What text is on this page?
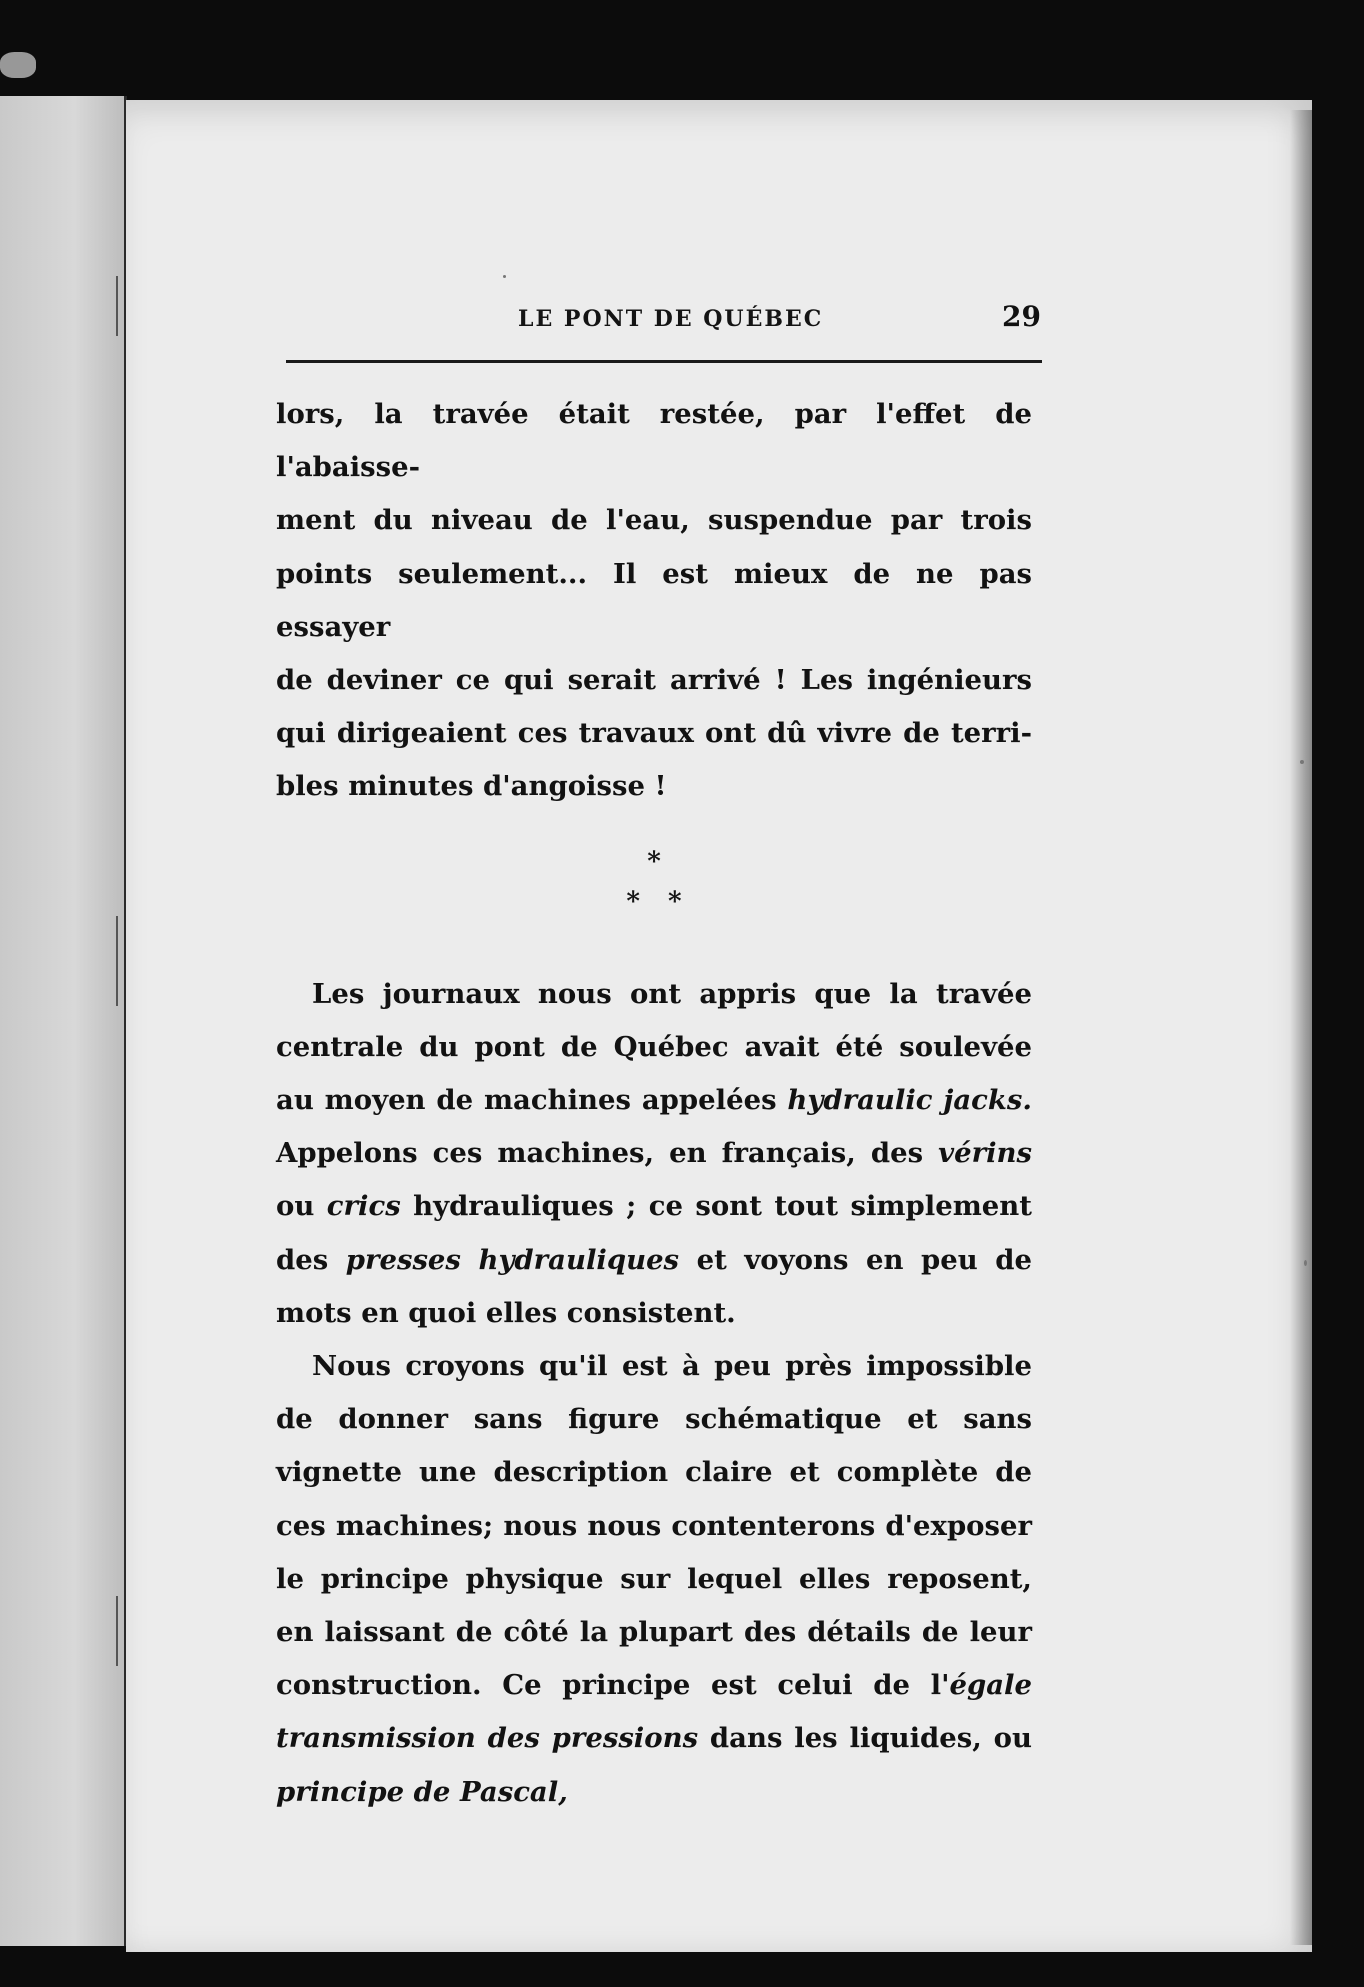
LE PONT DE QUÉBEC	29
lors, la travée était restée, par l'effet de l'abaisse-
ment du niveau de l'eau, suspendue par trois
points seulement... Il est mieux de ne pas essayer
de deviner ce qui serait arrivé ! Les ingénieurs
qui dirigeaient ces travaux ont dû vivre de terri-
bles minutes d'angoisse !
*
* *

Les journaux nous ont appris que la travée centrale du pont de Québec avait été soulevée au moyen de machines appelées hydraulic jacks. Appelons ces machines, en français, des vérins ou crics hydrauliques ; ce sont tout simplement des presses hydrauliques et voyons en peu de mots en quoi elles consistent.

Nous croyons qu'il est à peu près impossible de donner sans figure schématique et sans vignette une description claire et complète de ces machines; nous nous contenterons d'exposer le principe physique sur lequel elles reposent, en laissant de côté la plupart des détails de leur construction. Ce principe est celui de l'égale transmission des pressions dans les liquides, ou principe de Pascal,
